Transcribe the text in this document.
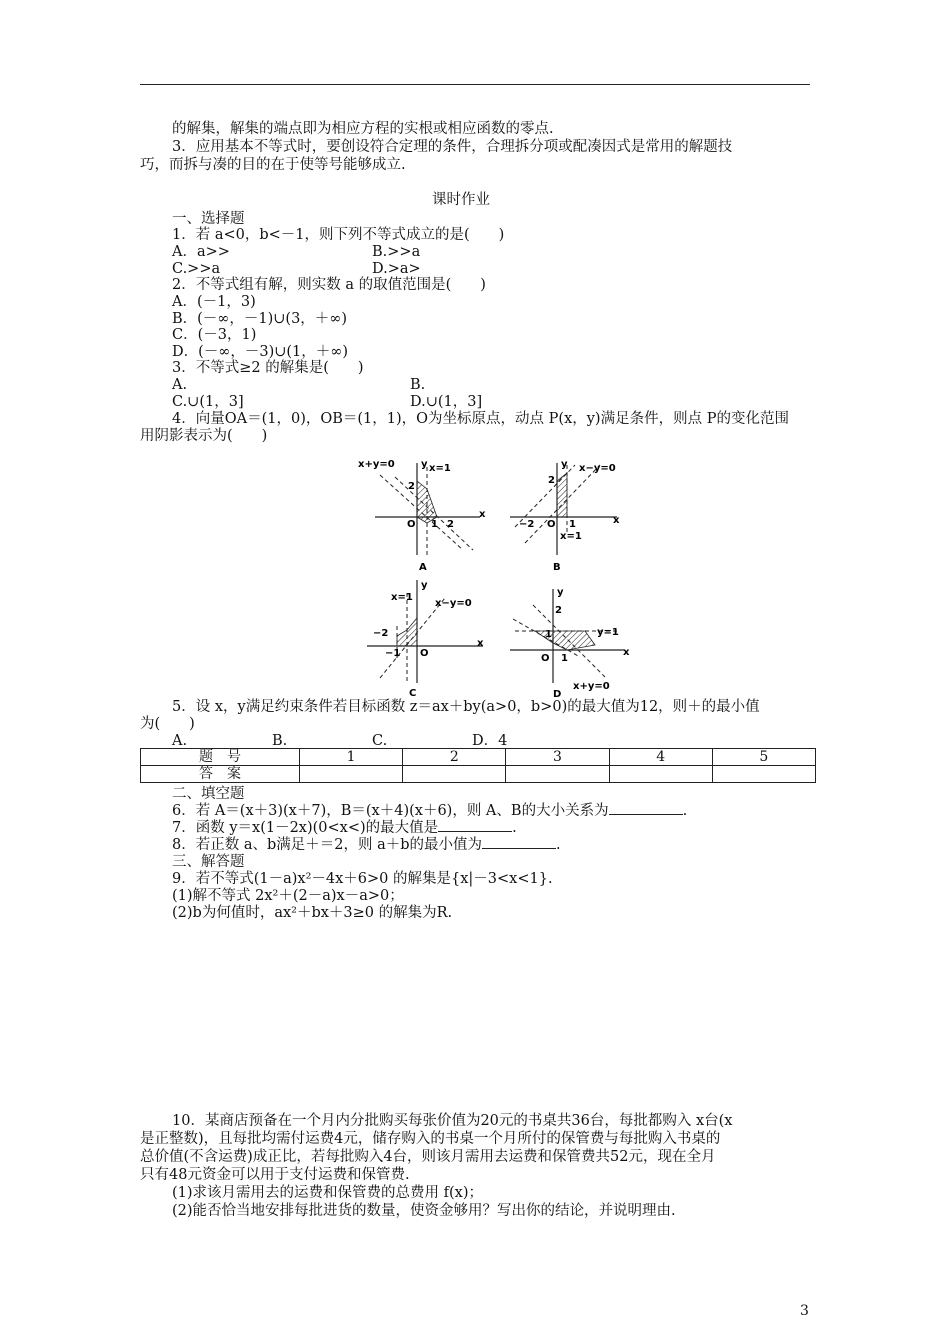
的解集，解集的端点即为相应方程的实根或相应函数的零点.
3．应用基本不等式时，要创设符合定理的条件，合理拆分项或配凑因式是常用的解题技
巧，而拆与凑的目的在于使等号能够成立.
课时作业
一、选择题
1．若 a<0，b<－1，则下列不等式成立的是(　　)
A．a>>	B.>>a
C.>>a	D.>a>
2．不等式组有解，则实数 a 的取值范围是(　　)
A．(－1，3)
B．(－∞，－1)∪(3，＋∞)
C．(－3，1)
D．(－∞，－3)∪(1，＋∞)
3．不等式≥2 的解集是(　　)
A.	B.
C.∪(1，3]	D.∪(1，3]
4．向量OA＝(1，0)，OB＝(1，1)，O为坐标原点，动点 P(x，y)满足条件，则点 P的变化范围
用阴影表示为(　　)
x+y=0	x=1
y
x
O 1 2
2
A
x−y=0
x=1
y
x
O 1
−2
2
B
x=1
x−y=0
y
x
O
−1
−2
C
x+y=0
y=1
y
x
O 1
1
2
D
5．设 x，y满足约束条件若目标函数 z＝ax＋by(a>0，b>0)的最大值为12，则＋的最小值
为(　　)
A.	B.	C.	D．4
题　号	1	2	3	4	5
答　案					
二、填空题
6．若 A＝(x＋3)(x＋7)，B＝(x＋4)(x＋6)，则 A、B的大小关系为	.
7．函数 y＝x(1－2x)(0<x<)的最大值是	.
8．若正数 a、b满足＋＝2，则 a＋b的最小值为	.
三、解答题
9．若不等式(1－a)x²－4x＋6>0 的解集是{x|－3<x<1}.
(1)解不等式 2x²＋(2－a)x－a>0；
(2)b为何值时，ax²＋bx＋3≥0 的解集为R.
10．某商店预备在一个月内分批购买每张价值为20元的书桌共36台，每批都购入 x台(x
是正整数)，且每批均需付运费4元，储存购入的书桌一个月所付的保管费与每批购入书桌的
总价值(不含运费)成正比，若每批购入4台，则该月需用去运费和保管费共52元，现在全月
只有48元资金可以用于支付运费和保管费.
(1)求该月需用去的运费和保管费的总费用 f(x)；
(2)能否恰当地安排每批进货的数量，使资金够用？写出你的结论，并说明理由.
3
